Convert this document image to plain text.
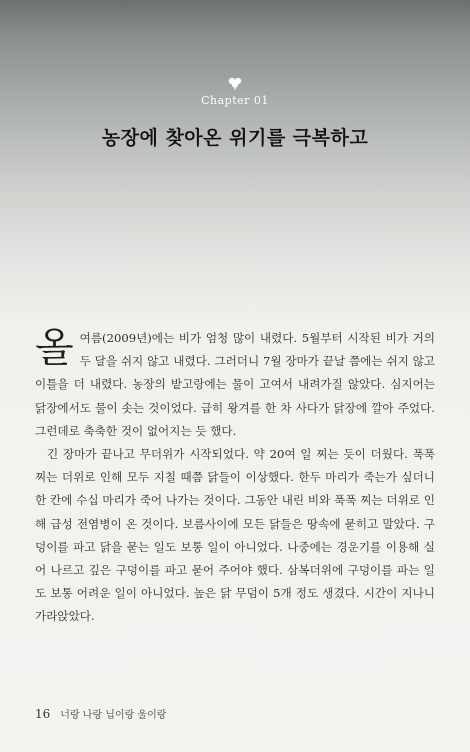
Chapter 01
농장에 찾아온 위기를 극복하고

올여름(2009년)에는 비가 엄청 많이 내렸다. 5월부터 시작된 비가 거의 두 달을 쉬지 않고 내렸다. 그러더니 7월 장마가 끝날 쯤에는 쉬지 않고 이틀을 더 내렸다. 농장의 밭고랑에는 물이 고여서 내려가질 않았다. 심지어는 닭장에서도 물이 솟는 것이었다. 급히 왕겨를 한 차 사다가 닭장에 깔아 주었다. 그런데로 축축한 것이 없어지는 듯 했다.

긴 장마가 끝나고 무더위가 시작되었다. 약 20여 일 찌는 듯이 더웠다. 푹푹 찌는 더위로 인해 모두 지칠 때쯤 닭들이 이상했다. 한두 마리가 죽는가 싶더니 한 칸에 수십 마리가 죽어 나가는 것이다. 그동안 내린 비와 푹푹 찌는 더위로 인해 급성 전염병이 온 것이다. 보름사이에 모든 닭들은 땅속에 묻히고 말았다. 구덩이를 파고 닭을 묻는 일도 보통 일이 아니었다. 나중에는 경운기를 이용해 실어 나르고 깊은 구덩이를 파고 묻어 주어야 했다. 삼복더위에 구덩이를 파는 일도 보통 어려운 일이 아니었다. 높은 닭 무덤이 5개 정도 생겼다. 시간이 지나니 가라앉았다.

16 너랑 나랑 닙이랑 울이랑
